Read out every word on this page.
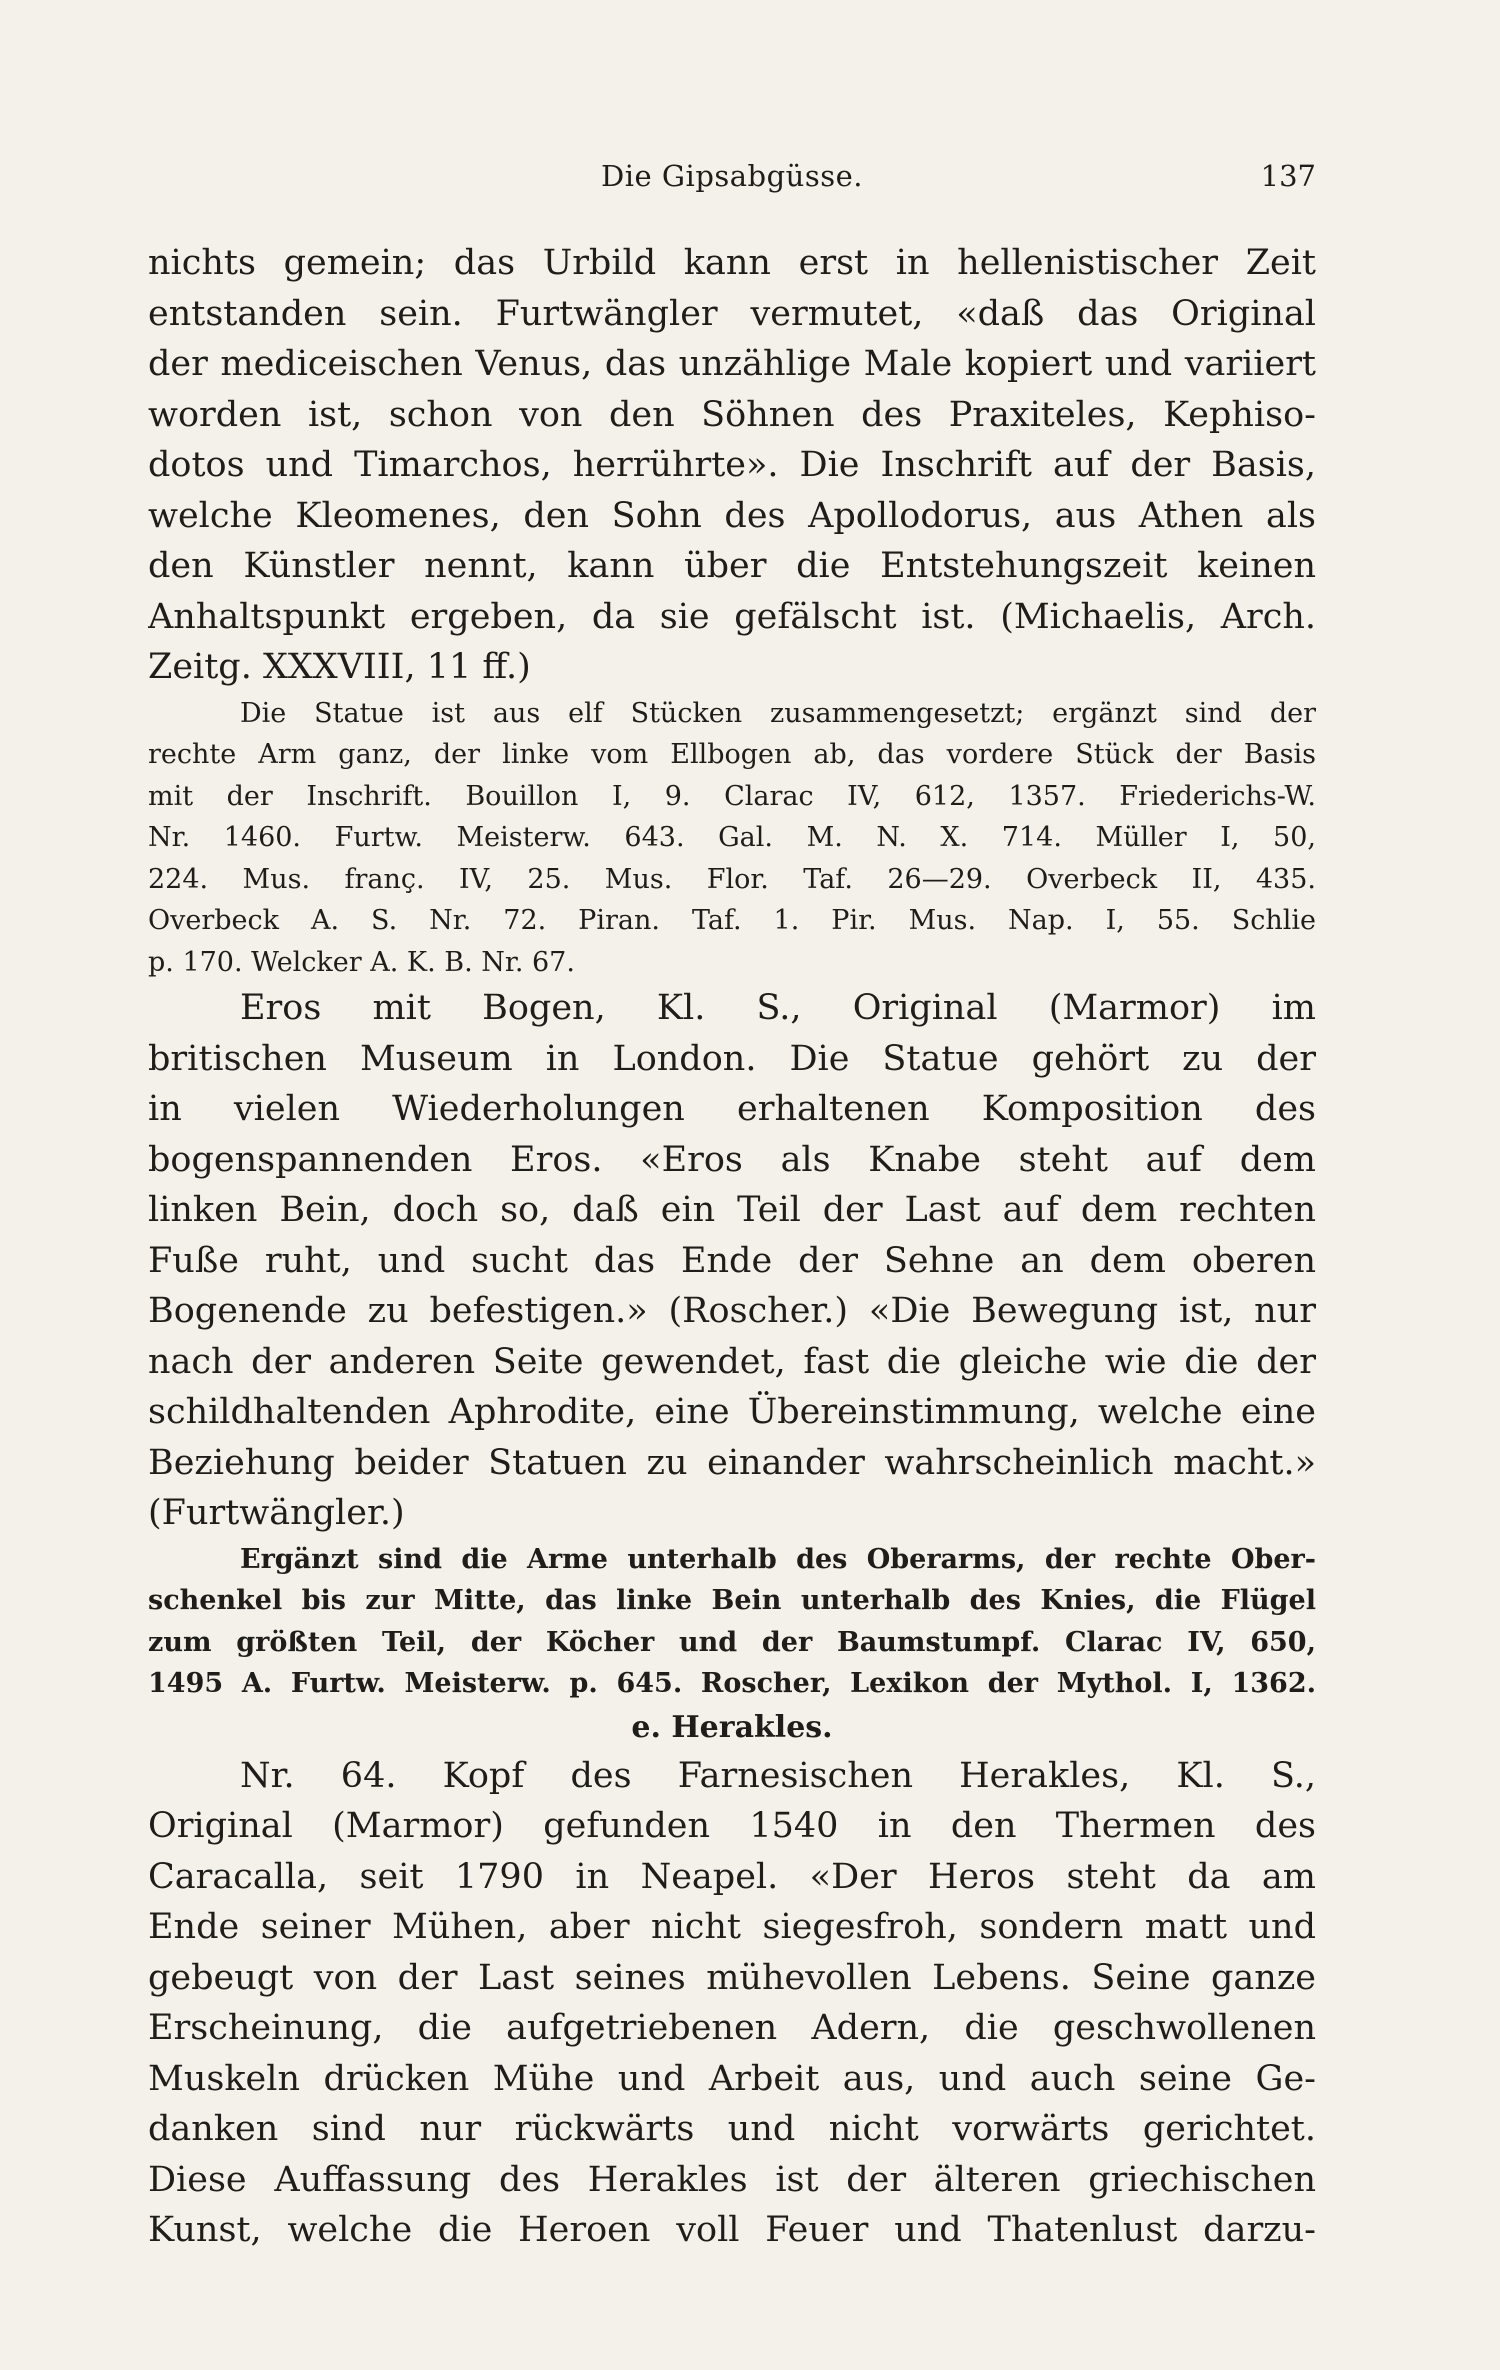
Die Gipsabgüsse.	137
nichts gemein; das Urbild kann erst in hellenistischer Zeit
entstanden sein. Furtwängler vermutet, «daß das Original
der mediceischen Venus, das unzählige Male kopiert und variiert
worden ist, schon von den Söhnen des Praxiteles, Kephiso-
dotos und Timarchos, herrührte». Die Inschrift auf der Basis,
welche Kleomenes, den Sohn des Apollodorus, aus Athen als
den Künstler nennt, kann über die Entstehungszeit keinen
Anhaltspunkt ergeben, da sie gefälscht ist. (Michaelis, Arch.
Zeitg. XXXVIII, 11 ff.)
Die Statue ist aus elf Stücken zusammengesetzt; ergänzt sind der
rechte Arm ganz, der linke vom Ellbogen ab, das vordere Stück der Basis
mit der Inschrift. Bouillon I, 9. Clarac IV, 612, 1357. Friederichs-W.
Nr. 1460. Furtw. Meisterw. 643. Gal. M. N. X. 714. Müller I, 50,
224. Mus. franç. IV, 25. Mus. Flor. Taf. 26—29. Overbeck II, 435.
Overbeck A. S. Nr. 72. Piran. Taf. 1. Pir. Mus. Nap. I, 55. Schlie
p. 170. Welcker A. K. B. Nr. 67.
Eros mit Bogen, Kl. S., Original (Marmor) im
britischen Museum in London. Die Statue gehört zu der
in vielen Wiederholungen erhaltenen Komposition des
bogenspannenden Eros. «Eros als Knabe steht auf dem
linken Bein, doch so, daß ein Teil der Last auf dem rechten
Fuße ruht, und sucht das Ende der Sehne an dem oberen
Bogenende zu befestigen.» (Roscher.) «Die Bewegung ist, nur
nach der anderen Seite gewendet, fast die gleiche wie die der
schildhaltenden Aphrodite, eine Übereinstimmung, welche eine
Beziehung beider Statuen zu einander wahrscheinlich macht.»
(Furtwängler.)
Ergänzt sind die Arme unterhalb des Oberarms, der rechte Ober-
schenkel bis zur Mitte, das linke Bein unterhalb des Knies, die Flügel
zum größten Teil, der Köcher und der Baumstumpf. Clarac IV, 650,
1495 A. Furtw. Meisterw. p. 645. Roscher, Lexikon der Mythol. I, 1362.
e. Herakles.
Nr. 64. Kopf des Farnesischen Herakles, Kl. S.,
Original (Marmor) gefunden 1540 in den Thermen des
Caracalla, seit 1790 in Neapel. «Der Heros steht da am
Ende seiner Mühen, aber nicht siegesfroh, sondern matt und
gebeugt von der Last seines mühevollen Lebens. Seine ganze
Erscheinung, die aufgetriebenen Adern, die geschwollenen
Muskeln drücken Mühe und Arbeit aus, und auch seine Ge-
danken sind nur rückwärts und nicht vorwärts gerichtet.
Diese Auffassung des Herakles ist der älteren griechischen
Kunst, welche die Heroen voll Feuer und Thatenlust darzu-
